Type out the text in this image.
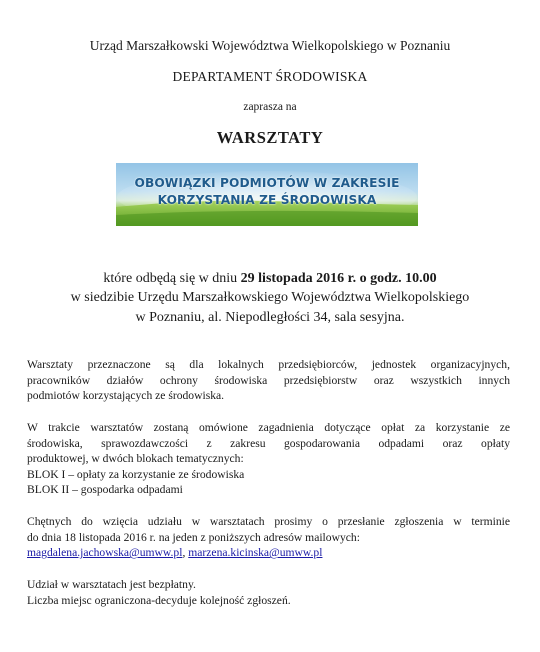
Urząd Marszałkowski Województwa Wielkopolskiego w Poznaniu
DEPARTAMENT ŚRODOWISKA
zaprasza na
WARSZTATY
OBOWIĄZKI PODMIOTÓW W ZAKRESIE
KORZYSTANIA ZE ŚRODOWISKA
które odbędą się w dniu 29 listopada 2016 r. o godz. 10.00
w siedzibie Urzędu Marszałkowskiego Województwa Wielkopolskiego
w Poznaniu, al. Niepodległości 34, sala sesyjna.
Warsztaty przeznaczone są dla lokalnych przedsiębiorców, jednostek organizacyjnych,
pracowników działów ochrony środowiska przedsiębiorstw oraz wszystkich innych
podmiotów korzystających ze środowiska.
W trakcie warsztatów zostaną omówione zagadnienia dotyczące opłat za korzystanie ze
środowiska, sprawozdawczości z zakresu gospodarowania odpadami oraz opłaty
produktowej, w dwóch blokach tematycznych:
BLOK I – opłaty za korzystanie ze środowiska
BLOK II – gospodarka odpadami
Chętnych do wzięcia udziału w warsztatach prosimy o przesłanie zgłoszenia w terminie
do dnia 18 listopada 2016 r. na jeden z poniższych adresów mailowych:
magdalena.jachowska@umww.pl, marzena.kicinska@umww.pl
Udział w warsztatach jest bezpłatny.
Liczba miejsc ograniczona-decyduje kolejność zgłoszeń.
